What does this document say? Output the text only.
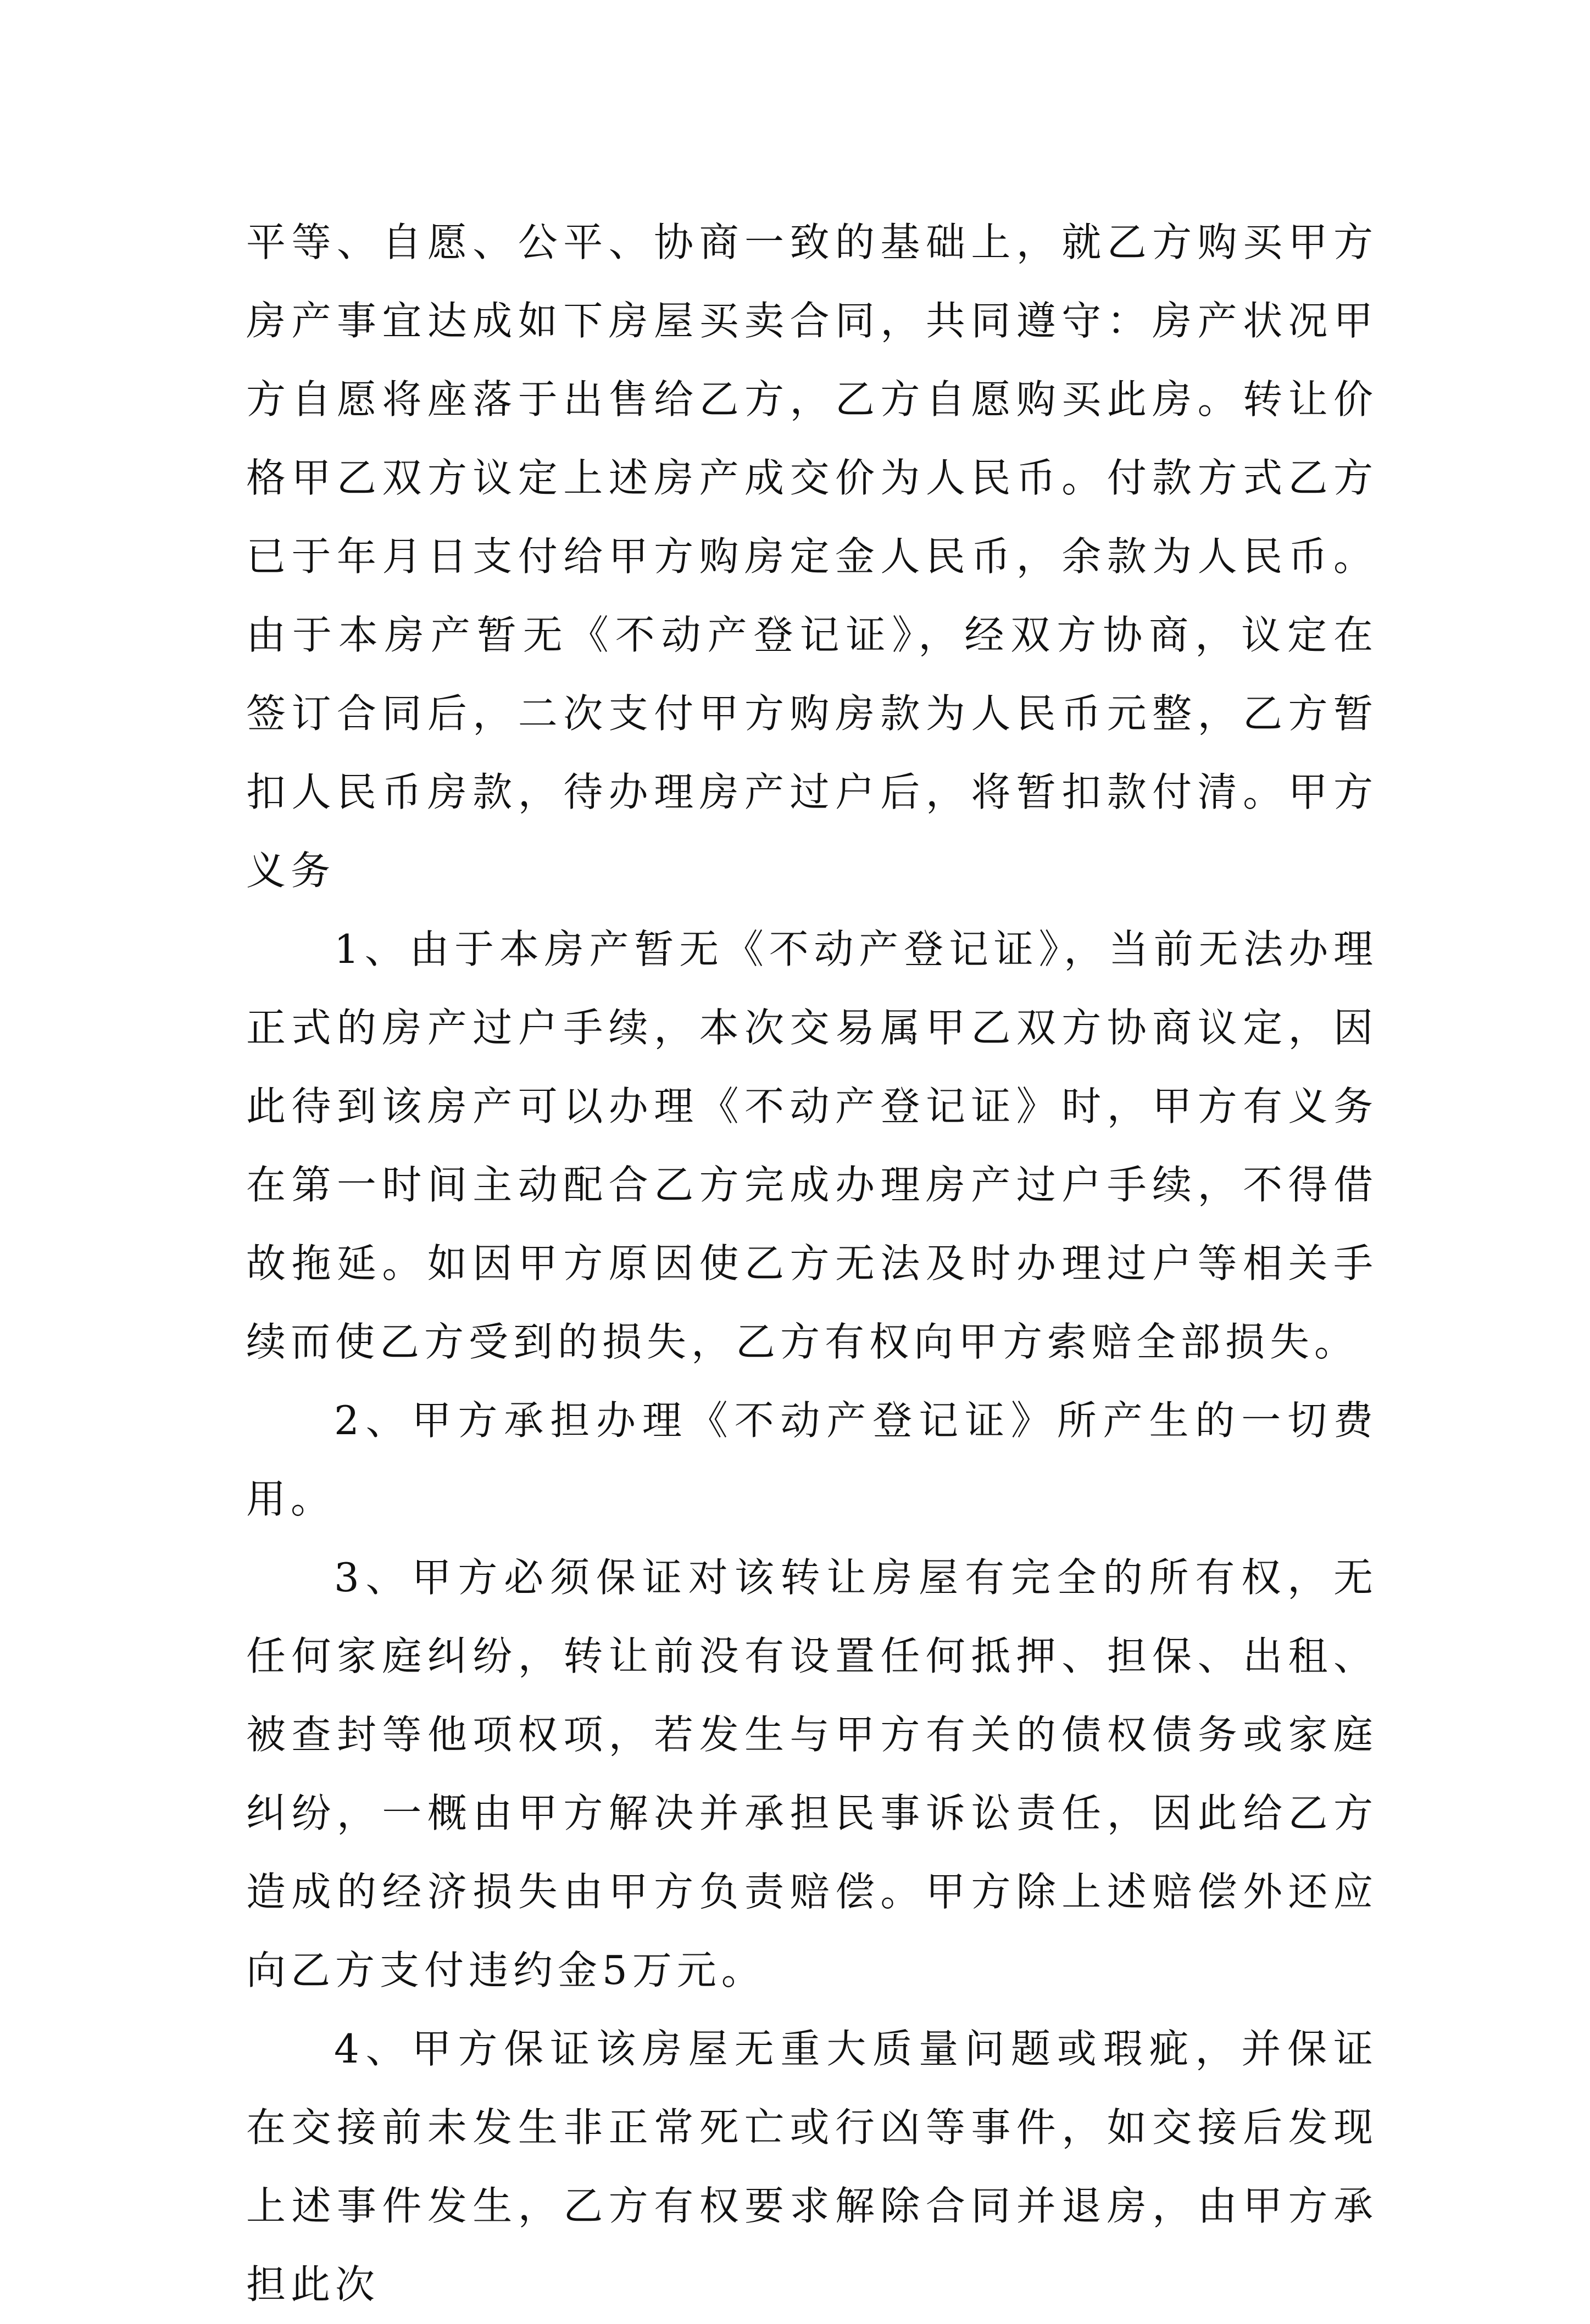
平等、自愿、公平、协商一致的基础上，就乙方购买甲方房产事宜达成如下房屋买卖合同，共同遵守：房产状况甲方自愿将座落于出售给乙方，乙方自愿购买此房。转让价格甲乙双方议定上述房产成交价为人民币。付款方式乙方已于年月日支付给甲方购房定金人民币，余款为人民币。由于本房产暂无《不动产登记证》，经双方协商，议定在签订合同后，二次支付甲方购房款为人民币元整，乙方暂扣人民币房款，待办理房产过户后，将暂扣款付清。甲方义务

1、由于本房产暂无《不动产登记证》，当前无法办理正式的房产过户手续，本次交易属甲乙双方协商议定，因此待到该房产可以办理《不动产登记证》时，甲方有义务在第一时间主动配合乙方完成办理房产过户手续，不得借故拖延。如因甲方原因使乙方无法及时办理过户等相关手续而使乙方受到的损失，乙方有权向甲方索赔全部损失。

2、甲方承担办理《不动产登记证》所产生的一切费用。

3、甲方必须保证对该转让房屋有完全的所有权，无任何家庭纠纷，转让前没有设置任何抵押、担保、出租、被查封等他项权项，若发生与甲方有关的债权债务或家庭纠纷，一概由甲方解决并承担民事诉讼责任，因此给乙方造成的经济损失由甲方负责赔偿。甲方除上述赔偿外还应向乙方支付违约金5万元。

4、甲方保证该房屋无重大质量问题或瑕疵，并保证在交接前未发生非正常死亡或行凶等事件，如交接后发现上述事件发生，乙方有权要求解除合同并退房，由甲方承担此次
